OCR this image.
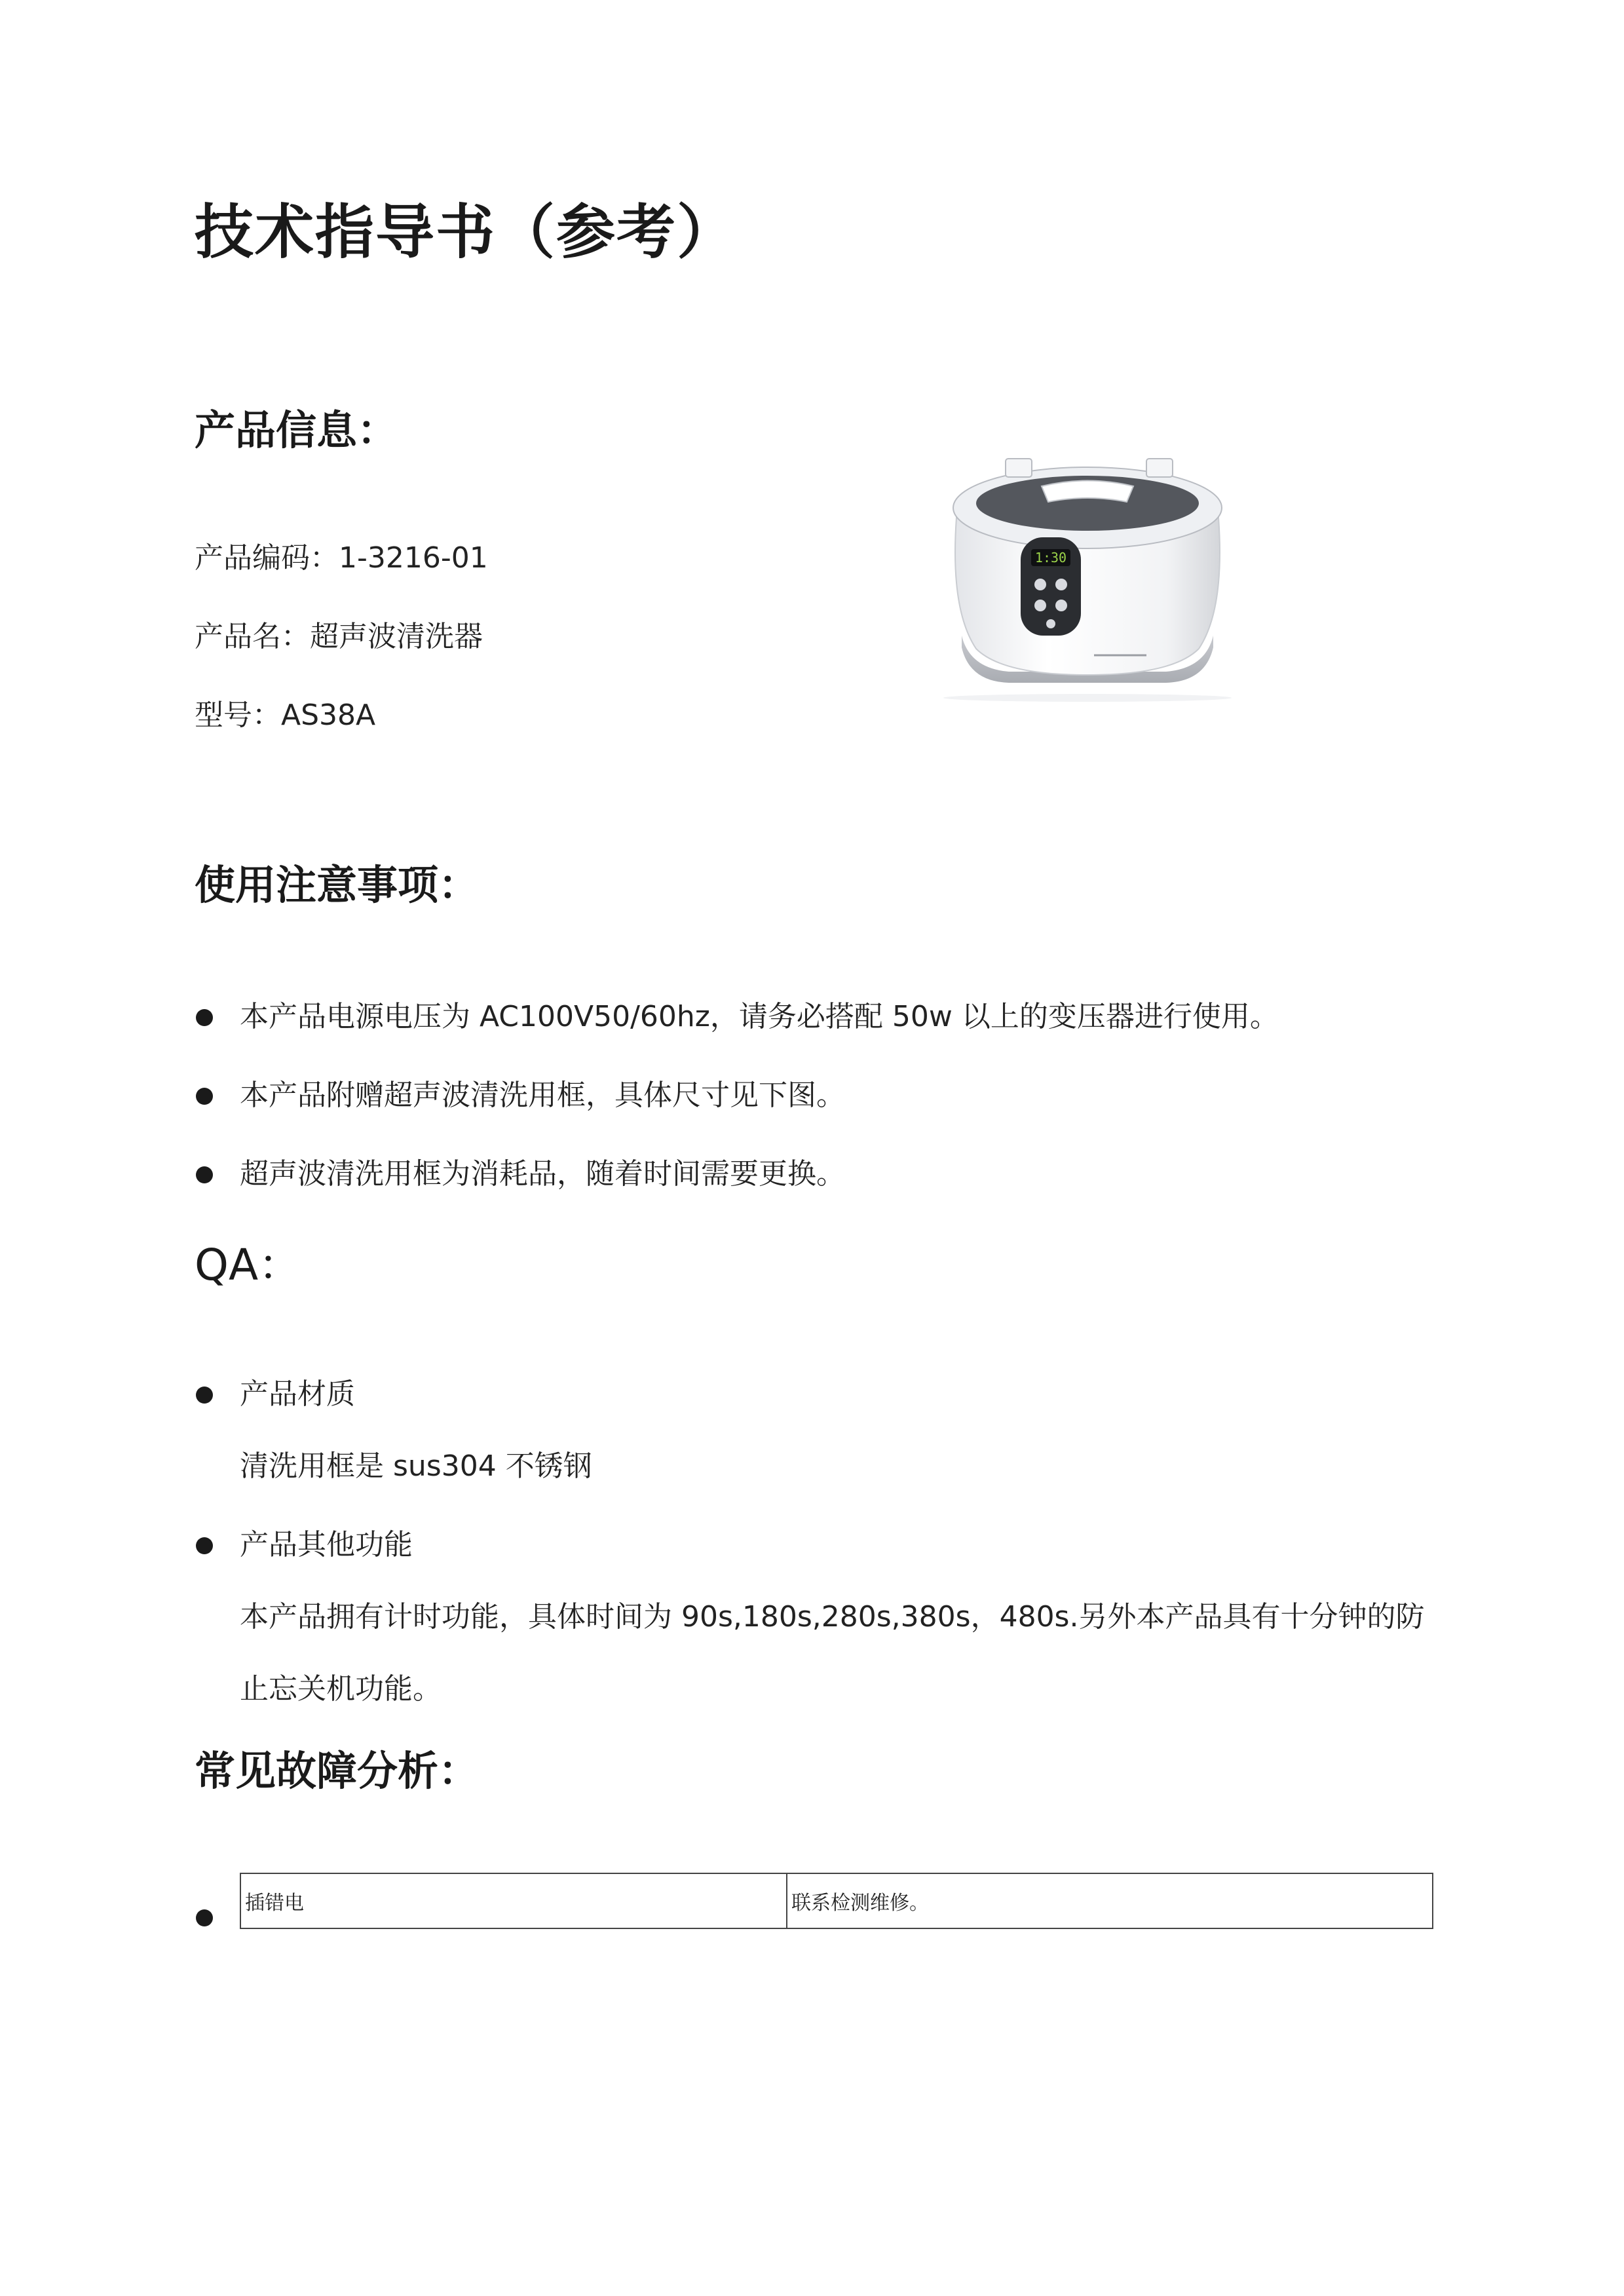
技术指导书（参考）
产品信息：
产品编码：1-3216-01
产品名：超声波清洗器
型号：AS38A
1:30
使用注意事项：
本产品电源电压为 AC100V50/60hz，请务必搭配 50w 以上的变压器进行使用。
本产品附赠超声波清洗用框，具体尺寸见下图。
超声波清洗用框为消耗品，随着时间需要更换。
QA：
产品材质
清洗用框是 sus304 不锈钢
产品其他功能
本产品拥有计时功能，具体时间为 90s,180s,280s,380s，480s.另外本产品具有十分钟的防
止忘关机功能。
常见故障分析：
插错电	联系检测维修。
